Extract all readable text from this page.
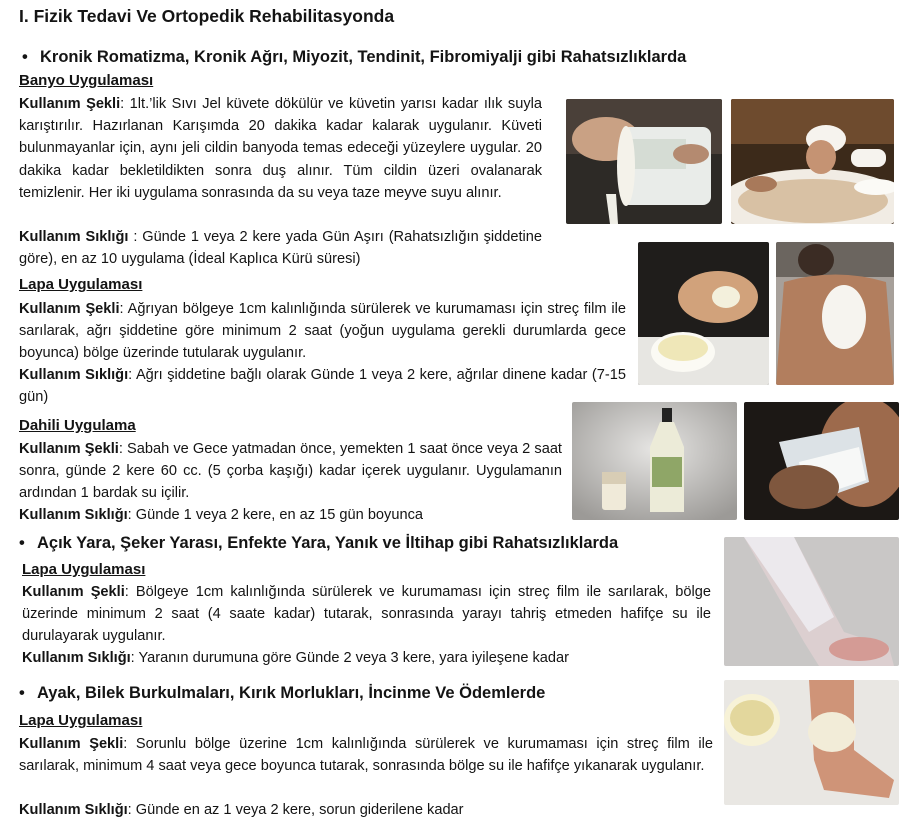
I. Fizik Tedavi Ve Ortopedik Rehabilitasyonda
• Kronik Romatizma, Kronik Ağrı, Miyozit, Tendinit, Fibromiyalji gibi Rahatsızlıklarda
Banyo Uygulaması
Kullanım Şekli: 1lt.’lik Sıvı Jel küvete dökülür ve küvetin yarısı kadar ılık suyla karıştırılır. Hazırlanan Karışımda 20 dakika kadar kalarak uygulanır. Küveti bulunmayanlar için, aynı jeli cildin banyoda temas edeceği yüzeylere uygular. 20 dakika kadar bekletildikten sonra duş alınır. Tüm cildin üzeri ovalanarak temizlenir. Her iki uygulama sonrasında da su veya taze meyve suyu alınır.
Kullanım Sıklığı : Günde 1 veya 2 kere yada Gün Aşırı (Rahatsızlığın şiddetine göre), en az 10 uygulama (İdeal Kaplıca Kürü süresi)
Lapa Uygulaması
Kullanım Şekli: Ağrıyan bölgeye 1cm kalınlığında sürülerek ve kurumaması için streç film ile sarılarak, ağrı şiddetine göre minimum 2 saat (yoğun uygulama gerekli durumlarda gece boyunca) bölge üzerinde tutularak uygulanır.
Kullanım Sıklığı: Ağrı şiddetine bağlı olarak Günde 1 veya 2 kere, ağrılar dinene kadar (7-15 gün)
Dahili Uygulama
Kullanım Şekli: Sabah ve Gece yatmadan önce, yemekten 1 saat önce veya 2 saat sonra, günde 2 kere 60 cc. (5 çorba kaşığı) kadar içerek uygulanır. Uygulamanın ardından 1 bardak su içilir.
Kullanım Sıklığı: Günde 1 veya 2 kere, en az 15 gün boyunca
• Açık Yara, Şeker Yarası, Enfekte Yara, Yanık ve İltihap gibi Rahatsızlıklarda
Lapa Uygulaması
Kullanım Şekli: Bölgeye 1cm kalınlığında sürülerek ve kurumaması için streç film ile sarılarak, bölge üzerinde minimum 2 saat (4 saate kadar) tutarak, sonrasında yarayı tahriş etmeden hafifçe su ile durulayarak uygulanır.
Kullanım Sıklığı: Yaranın durumuna göre Günde 2 veya 3 kere, yara iyileşene kadar
• Ayak, Bilek Burkulmaları, Kırık Morlukları, İncinme Ve Ödemlerde
Lapa Uygulaması
Kullanım Şekli: Sorunlu bölge üzerine 1cm kalınlığında sürülerek ve kurumaması için streç film ile sarılarak, minimum 4 saat veya gece boyunca tutarak, sonrasında bölge su ile hafifçe yıkanarak uygulanır.
Kullanım Sıklığı: Günde en az 1 veya 2 kere, sorun giderilene kadar
